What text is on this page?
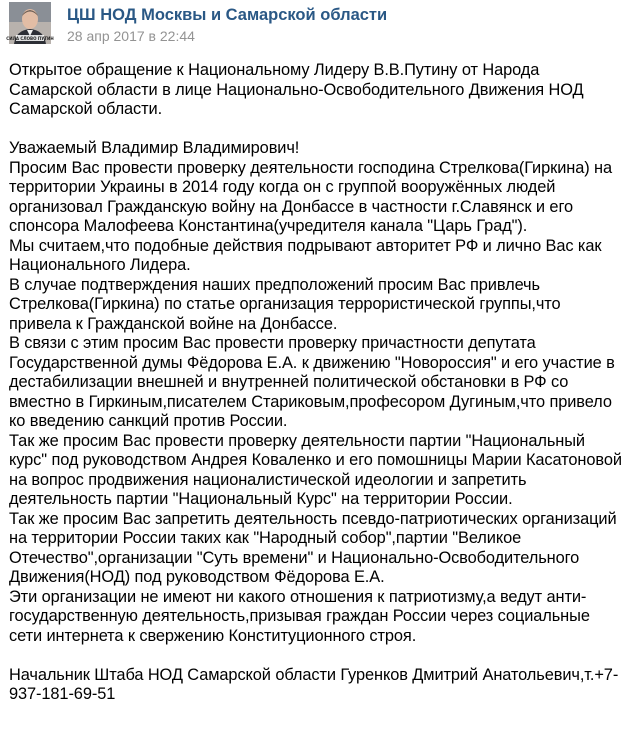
СИЛА СЛОВО ПУТИН
ЦШ НОД Москвы и Самарской области
28 апр 2017 в 22:44

Открытое обращение к Национальному Лидеру В.В.Путину от Народа Самарской области в лице Национально-Освободительного Движения НОД Самарской области.

Уважаемый Владимир Владимирович!

Просим Вас провести проверку деятельности господина Стрелкова(Гиркина) на территории Украины в 2014 году когда он с группой вооружённых людей организовал Гражданскую войну на Донбассе в частности г.Славянск и его спонсора Малофеева Константина(учредителя канала "Царь Град").

Мы считаем,что подобные действия подрывают авторитет РФ и лично Вас как Национального Лидера.

В случае подтверждения наших предположений просим Вас привлечь Стрелкова(Гиркина) по статье организация террористической группы,что привела к Гражданской войне на Донбассе.

В связи с этим просим Вас провести проверку причастности депутата Государственной думы Фёдорова Е.А. к движению "Новороссия" и его участие в дестабилизации внешней и внутренней политической обстановки в РФ со вместно в Гиркиным,писателем Стариковым,професором Дугиным,что привело ко введению санкций против России.

Так же просим Вас провести проверку деятельности партии "Национальный курс" под руководством Андрея Коваленко и его помошницы Марии Касатоновой на вопрос продвижения националистической идеологии и запретить деятельность партии "Национальный Курс" на территории России.

Так же просим Вас запретить деятельность псевдо-патриотических организаций на территории России таких как "Народный собор",партии "Великое Отечество",организации "Суть времени" и Национально-Освободительного Движения(НОД) под руководством Фёдорова Е.А.

Эти организации не имеют ни какого отношения к патриотизму,а ведут анти-государственную деятельность,призывая граждан России через социальные сети интернета к свержению Конституционного строя.

Начальник Штаба НОД Самарской области Гуренков Дмитрий Анатольевич,т.+7-937-181-69-51
